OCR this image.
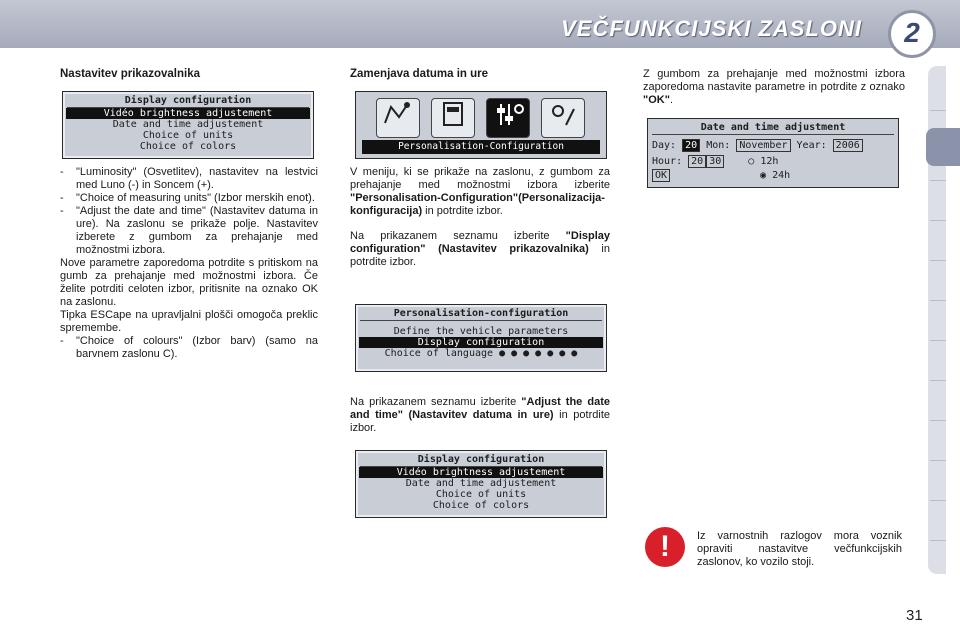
VEČFUNKCIJSKI ZASLONI	2
Nastavitev prikazovalnika
Display configuration
Vidéo brightness adjustement
Date and time adjustement
Choice of units
Choice of colors
- "Luminosity" (Osvetlitev), nastavitev na lestvici med Luno (-) in Soncem (+).
- "Choice of measuring units" (Izbor merskih enot).
- "Adjust the date and time" (Nastavitev datuma in ure). Na zaslonu se prikaže polje. Nastavitev izberete z gumbom za prehajanje med možnostmi izbora.

Nove parametre zaporedoma potrdite s pritiskom na gumb za prehajanje med možnostmi izbora. Če želite potrditi celoten izbor, pritisnite na oznako OK na zaslonu.

Tipka ESCape na upravljalni plošči omogoča preklic spremembe.

- "Choice of colours" (Izbor barv) (samo na barvnem zaslonu C).
Zamenjava datuma in ure
Personalisation-Configuration

V meniju, ki se prikaže na zaslonu, z gumbom za prehajanje med možnostmi izbora izberite "Personalisation-Configuration"(Personalizacija-konfiguracija) in potrdite izbor.

Na prikazanem seznamu izberite "Display configuration" (Nastavitev prikazovalnika) in potrdite izbor.

Personalisation-configuration
Define the vehicle parameters
Display configuration
Choice of language ● ● ● ● ● ● ●

Na prikazanem seznamu izberite "Adjust the date and time" (Nastavitev datuma in ure) in potrdite izbor.

Display configuration
Vidéo brightness adjustement
Date and time adjustement
Choice of units
Choice of colors

Z gumbom za prehajanje med možnostmi izbora zaporedoma nastavite parametre in potrdite z oznako "OK".

Date and time adjustment
Day: 20 Mon: November Year: 2006
Hour: 20 30	○ 12h
OK	◉ 24h
!	Iz varnostnih razlogov mora voznik opraviti nastavitve večfunkcijskih zaslonov, ko vozilo stoji.
31
